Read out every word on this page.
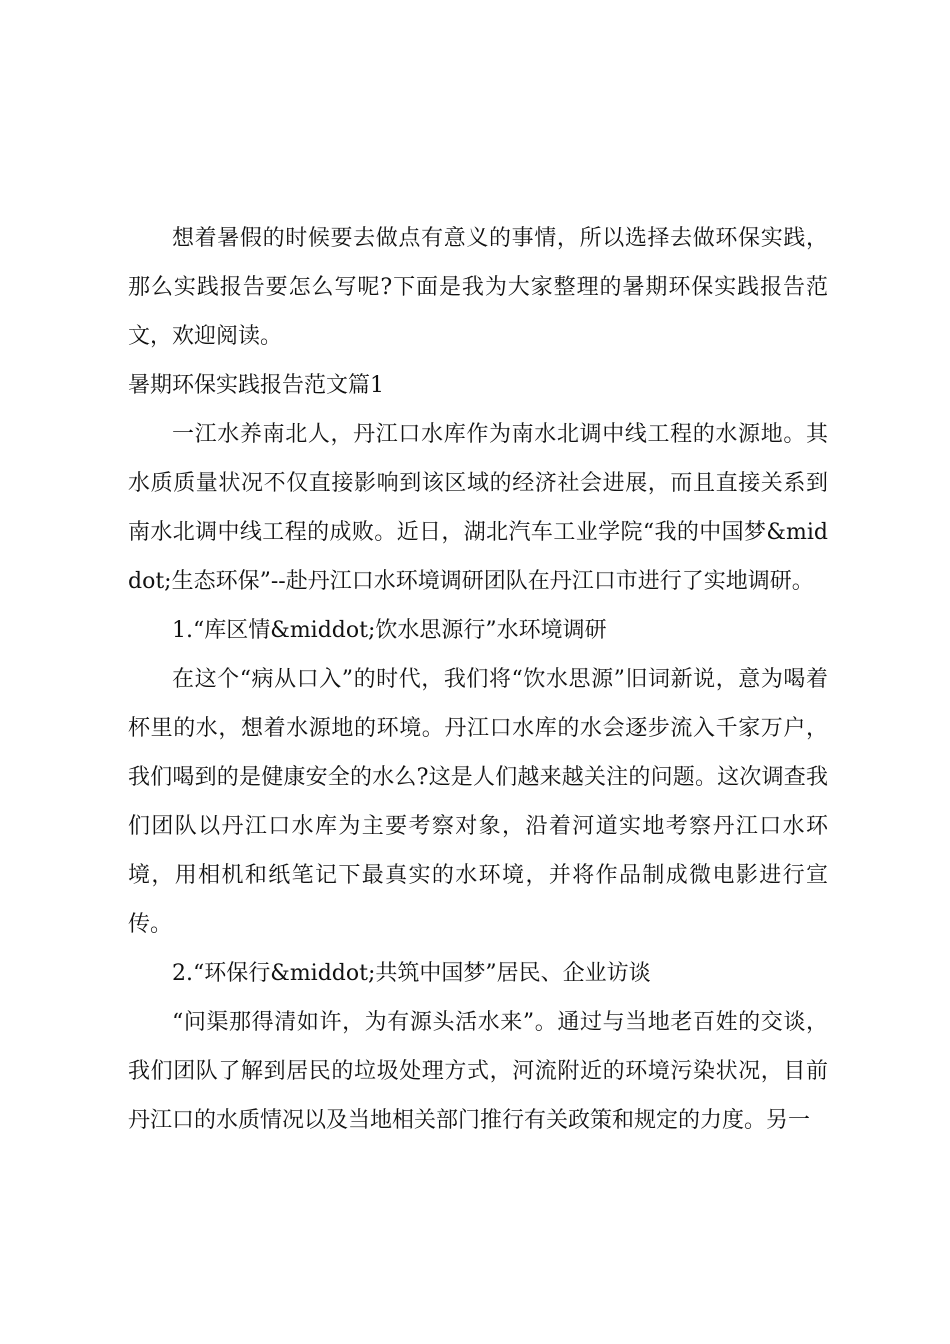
想着暑假的时候要去做点有意义的事情，所以选择去做环保实践，那么实践报告要怎么写呢?下面是我为大家整理的暑期环保实践报告范文，欢迎阅读。

暑期环保实践报告范文篇1

一江水养南北人，丹江口水库作为南水北调中线工程的水源地。其水质质量状况不仅直接影响到该区域的经济社会进展，而且直接关系到南水北调中线工程的成败。近日，湖北汽车工业学院“我的中国梦&middot;生态环保”--赴丹江口水环境调研团队在丹江口市进行了实地调研。

1.“库区情&middot;饮水思源行”水环境调研

在这个“病从口入”的时代，我们将“饮水思源”旧词新说，意为喝着杯里的水，想着水源地的环境。丹江口水库的水会逐步流入千家万户，我们喝到的是健康安全的水么?这是人们越来越关注的问题。这次调查我们团队以丹江口水库为主要考察对象，沿着河道实地考察丹江口水环境，用相机和纸笔记下最真实的水环境，并将作品制成微电影进行宣传。

2.“环保行&middot;共筑中国梦”居民、企业访谈

“问渠那得清如许，为有源头活水来”。通过与当地老百姓的交谈，我们团队了解到居民的垃圾处理方式，河流附近的环境污染状况，目前丹江口的水质情况以及当地相关部门推行有关政策和规定的力度。另一
